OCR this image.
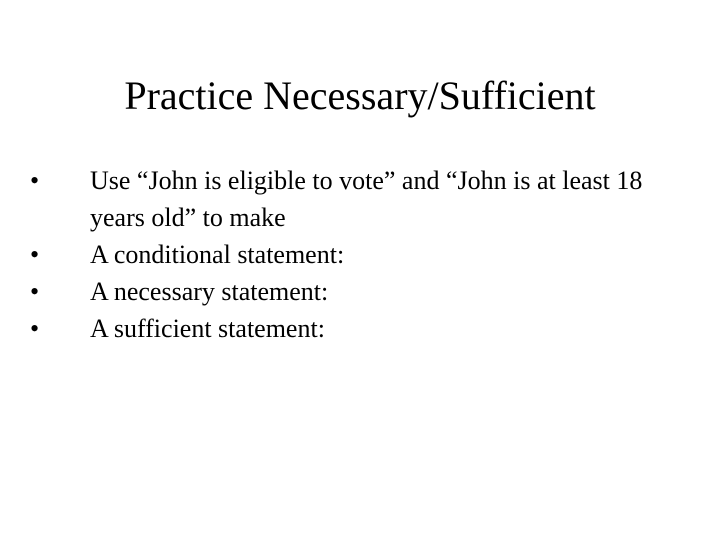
Practice Necessary/Sufficient
•	Use “John is eligible to vote” and “John is at least 18 years old” to make
•	A conditional statement:
•	A necessary statement:
•	A sufficient statement:
